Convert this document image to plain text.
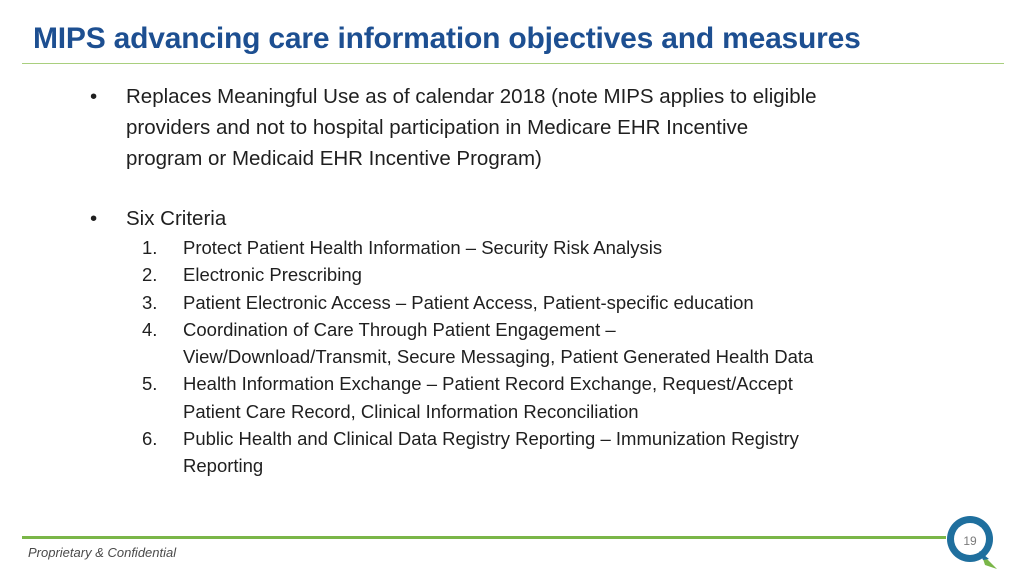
MIPS advancing care information objectives and measures
• Replaces Meaningful Use as of calendar 2018 (note MIPS applies to eligible
providers and not to hospital participation in Medicare EHR Incentive
program or Medicaid EHR Incentive Program)
• Six Criteria
1. Protect Patient Health Information – Security Risk Analysis
2. Electronic Prescribing
3. Patient Electronic Access – Patient Access, Patient-specific education
4. Coordination of Care Through Patient Engagement –
View/Download/Transmit, Secure Messaging, Patient Generated Health Data
5. Health Information Exchange – Patient Record Exchange, Request/Accept
Patient Care Record, Clinical Information Reconciliation
6. Public Health and Clinical Data Registry Reporting – Immunization Registry
Reporting
Proprietary & Confidential
19
